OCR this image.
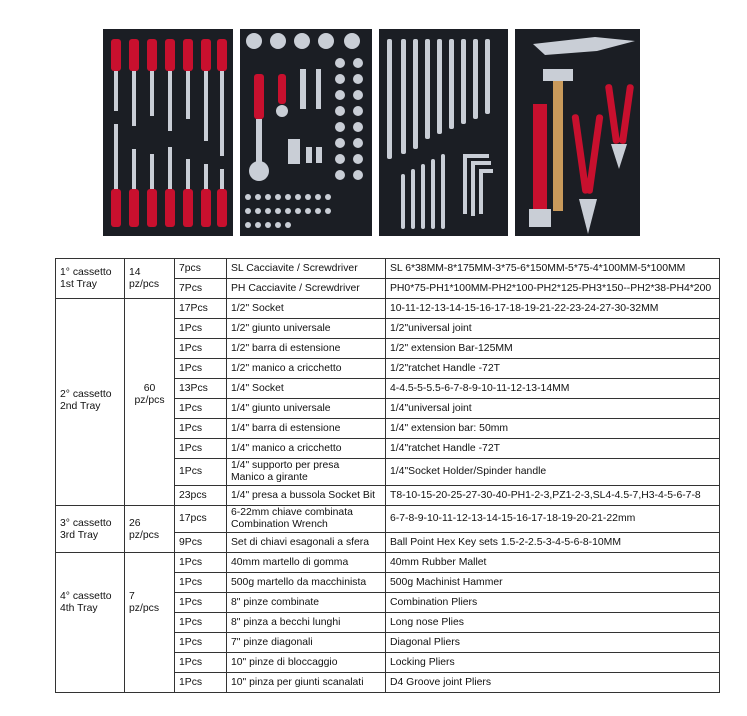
1° cassetto
1st Tray	14
pz/pcs	7pcs	SL Cacciavite / Screwdriver	SL 6*38MM-8*175MM-3*75-6*150MM-5*75-4*100MM-5*100MM
		7Pcs	PH Cacciavite / Screwdriver	PH0*75-PH1*100MM-PH2*100-PH2*125-PH3*150--PH2*38-PH4*200

2° cassetto
2nd Tray	60
pz/pcs	17Pcs	1/2" Socket	10-11-12-13-14-15-16-17-18-19-21-22-23-24-27-30-32MM
		1Pcs	1/2" giunto universale	1/2"universal joint
		1Pcs	1/2" barra di estensione	1/2" extension Bar-125MM
		1Pcs	1/2" manico a cricchetto	1/2"ratchet Handle -72T
		13Pcs	1/4" Socket	4-4.5-5-5.5-6-7-8-9-10-11-12-13-14MM
		1Pcs	1/4" giunto universale	1/4"universal joint
		1Pcs	1/4" barra di estensione	1/4" extension bar: 50mm
		1Pcs	1/4" manico a cricchetto	1/4"ratchet Handle -72T
		1Pcs	1/4" supporto per presa
Manico a girante	1/4"Socket Holder/Spinder handle
		23pcs	1/4" presa a bussola Socket Bit	T8-10-15-20-25-27-30-40-PH1-2-3,PZ1-2-3,SL4-4.5-7,H3-4-5-6-7-8

3° cassetto
3rd Tray	26
pz/pcs	17pcs	6-22mm chiave combinata
Combination Wrench	6-7-8-9-10-11-12-13-14-15-16-17-18-19-20-21-22mm
		9Pcs	Set di chiavi esagonali a sfera	Ball Point Hex Key sets 1.5-2-2.5-3-4-5-6-8-10MM

4° cassetto
4th Tray	7
pz/pcs	1Pcs	40mm martello di gomma	40mm Rubber Mallet
		1Pcs	500g martello da macchinista	500g Machinist Hammer
		1Pcs	8" pinze combinate	Combination Pliers
		1Pcs	8" pinza a becchi lunghi	Long nose Plies
		1Pcs	7" pinze diagonali	Diagonal Pliers
		1Pcs	10" pinze di bloccaggio	Locking Pliers
		1Pcs	10" pinza per giunti scanalati	D4 Groove joint Pliers
